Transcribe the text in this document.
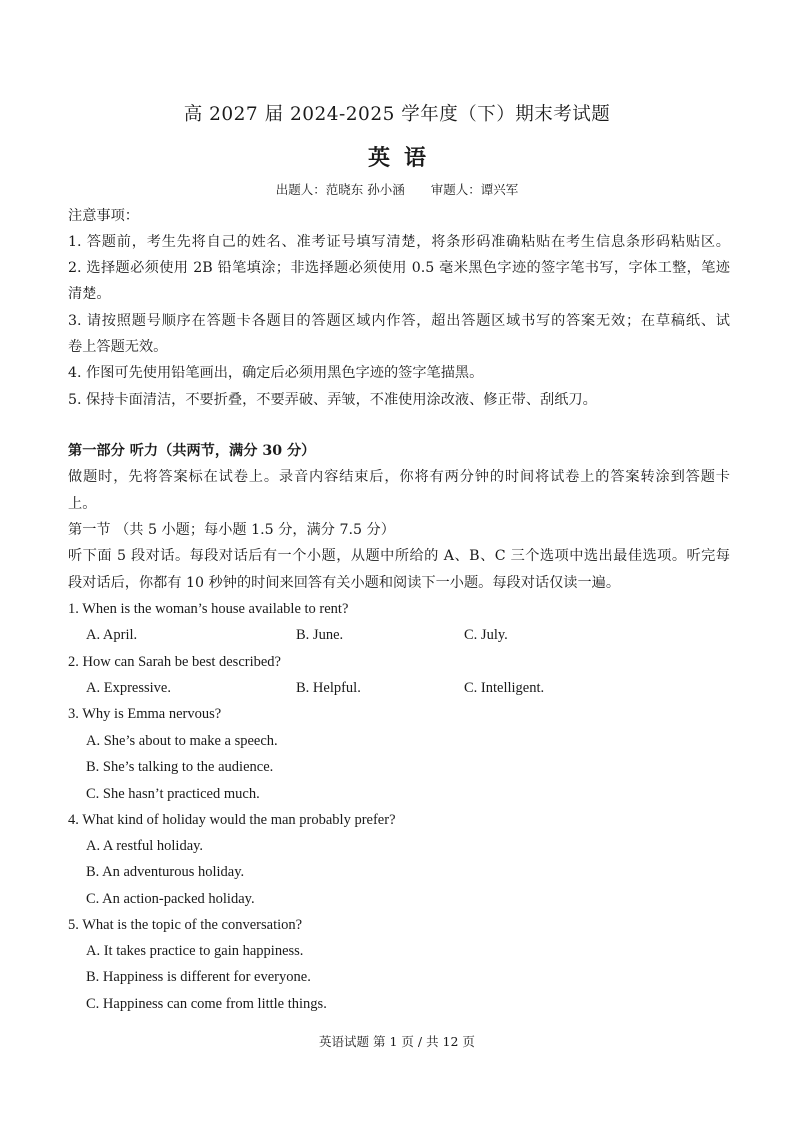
高 2027 届 2024-2025 学年度（下）期末考试题
英语
出题人：范晓东 孙小涵 审题人：谭兴军
注意事项：
1. 答题前，考生先将自己的姓名、准考证号填写清楚，将条形码准确粘贴在考生信息条形码粘贴区。
2. 选择题必须使用 2B 铅笔填涂；非选择题必须使用 0.5 毫米黑色字迹的签字笔书写，字体工整，笔迹
清楚。
3. 请按照题号顺序在答题卡各题目的答题区域内作答，超出答题区域书写的答案无效；在草稿纸、试
卷上答题无效。
4. 作图可先使用铅笔画出，确定后必须用黑色字迹的签字笔描黑。
5. 保持卡面清洁，不要折叠，不要弄破、弄皱，不准使用涂改液、修正带、刮纸刀。
第一部分 听力（共两节，满分 30 分）
做题时，先将答案标在试卷上。录音内容结束后，你将有两分钟的时间将试卷上的答案转涂到答题卡
上。
第一节 （共 5 小题；每小题 1.5 分，满分 7.5 分）
听下面 5 段对话。每段对话后有一个小题，从题中所给的 A、B、C 三个选项中选出最佳选项。听完每
段对话后，你都有 10 秒钟的时间来回答有关小题和阅读下一小题。每段对话仅读一遍。
1. When is the woman’s house available to rent?
A. April.	B. June.	C. July.
2. How can Sarah be best described?
A. Expressive.	B. Helpful.	C. Intelligent.
3. Why is Emma nervous?
A. She’s about to make a speech.
B. She’s talking to the audience.
C. She hasn’t practiced much.
4. What kind of holiday would the man probably prefer?
A. A restful holiday.
B. An adventurous holiday.
C. An action-packed holiday.
5. What is the topic of the conversation?
A. It takes practice to gain happiness.
B. Happiness is different for everyone.
C. Happiness can come from little things.
英语试题 第 1 页 / 共 12 页
